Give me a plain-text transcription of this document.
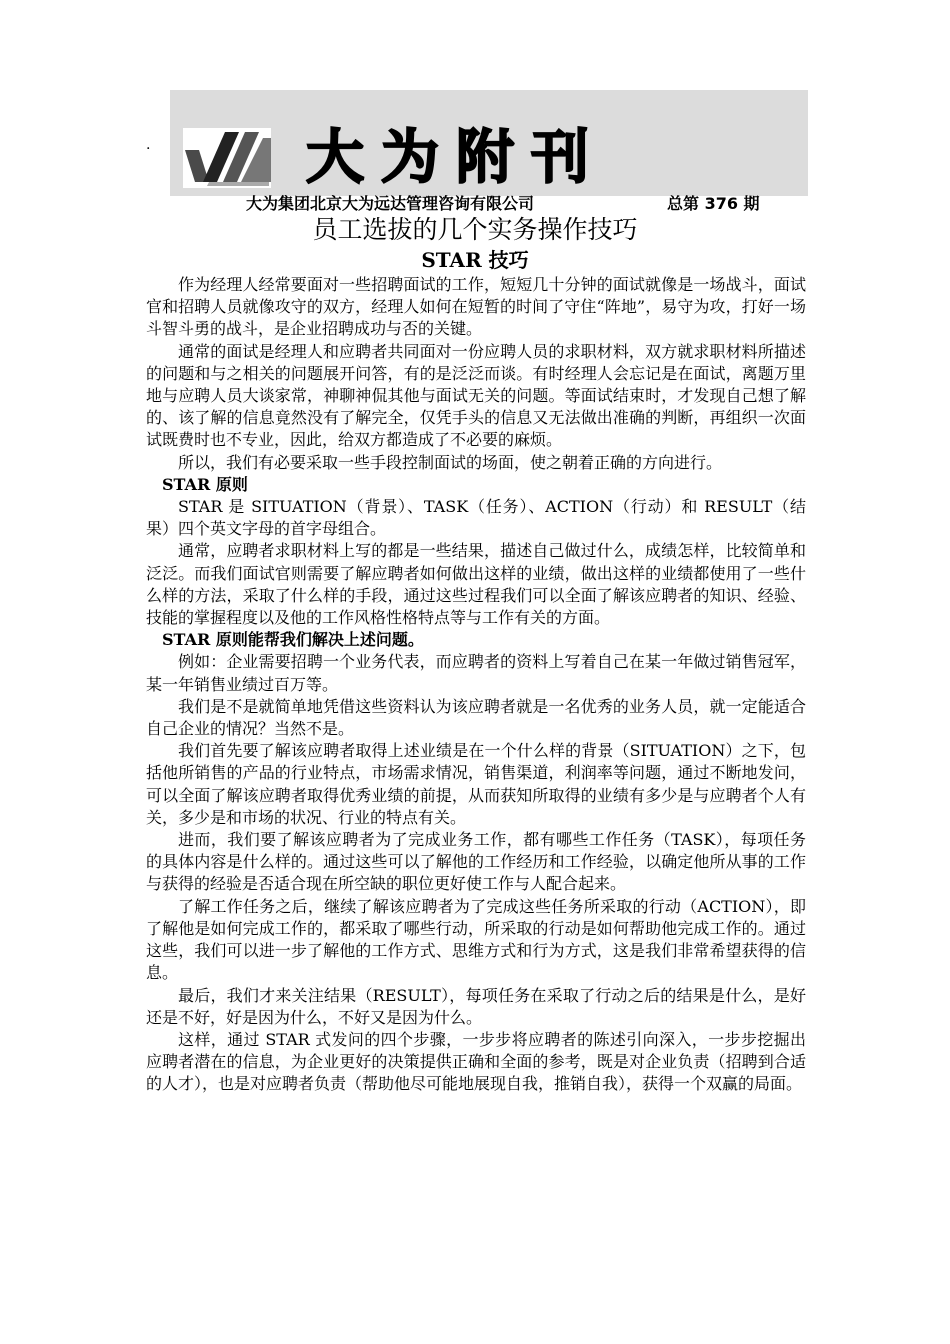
.	大为附刊
大为集团北京大为远达管理咨询有限公司	总第 376 期
员工选拔的几个实务操作技巧
STAR 技巧

作为经理人经常要面对一些招聘面试的工作，短短几十分钟的面试就像是一场战斗，面试官和招聘人员就像攻守的双方，经理人如何在短暂的时间了守住“阵地”，易守为攻，打好一场斗智斗勇的战斗，是企业招聘成功与否的关键。

通常的面试是经理人和应聘者共同面对一份应聘人员的求职材料，双方就求职材料所描述的问题和与之相关的问题展开问答，有的是泛泛而谈。有时经理人会忘记是在面试，离题万里地与应聘人员大谈家常，神聊神侃其他与面试无关的问题。等面试结束时，才发现自己想了解的、该了解的信息竟然没有了解完全，仅凭手头的信息又无法做出准确的判断，再组织一次面试既费时也不专业，因此，给双方都造成了不必要的麻烦。

所以，我们有必要采取一些手段控制面试的场面，使之朝着正确的方向进行。

STAR 原则

STAR 是 SITUATION（背景）、TASK（任务）、ACTION（行动）和 RESULT（结果）四个英文字母的首字母组合。

通常，应聘者求职材料上写的都是一些结果，描述自己做过什么，成绩怎样，比较简单和泛泛。而我们面试官则需要了解应聘者如何做出这样的业绩，做出这样的业绩都使用了一些什么样的方法，采取了什么样的手段，通过这些过程我们可以全面了解该应聘者的知识、经验、技能的掌握程度以及他的工作风格性格特点等与工作有关的方面。

STAR 原则能帮我们解决上述问题。

例如：企业需要招聘一个业务代表，而应聘者的资料上写着自己在某一年做过销售冠军，某一年销售业绩过百万等。

我们是不是就简单地凭借这些资料认为该应聘者就是一名优秀的业务人员，就一定能适合自己企业的情况？当然不是。

我们首先要了解该应聘者取得上述业绩是在一个什么样的背景（SITUATION）之下，包括他所销售的产品的行业特点，市场需求情况，销售渠道，利润率等问题，通过不断地发问，可以全面了解该应聘者取得优秀业绩的前提，从而获知所取得的业绩有多少是与应聘者个人有关，多少是和市场的状况、行业的特点有关。

进而，我们要了解该应聘者为了完成业务工作，都有哪些工作任务（TASK），每项任务的具体内容是什么样的。通过这些可以了解他的工作经历和工作经验，以确定他所从事的工作与获得的经验是否适合现在所空缺的职位更好使工作与人配合起来。

了解工作任务之后，继续了解该应聘者为了完成这些任务所采取的行动（ACTION），即了解他是如何完成工作的，都采取了哪些行动，所采取的行动是如何帮助他完成工作的。通过这些，我们可以进一步了解他的工作方式、思维方式和行为方式，这是我们非常希望获得的信息。

最后，我们才来关注结果（RESULT），每项任务在采取了行动之后的结果是什么，是好还是不好，好是因为什么，不好又是因为什么。

这样，通过 STAR 式发问的四个步骤，一步步将应聘者的陈述引向深入，一步步挖掘出应聘者潜在的信息，为企业更好的决策提供正确和全面的参考，既是对企业负责（招聘到合适的人才），也是对应聘者负责（帮助他尽可能地展现自我，推销自我），获得一个双赢的局面。
